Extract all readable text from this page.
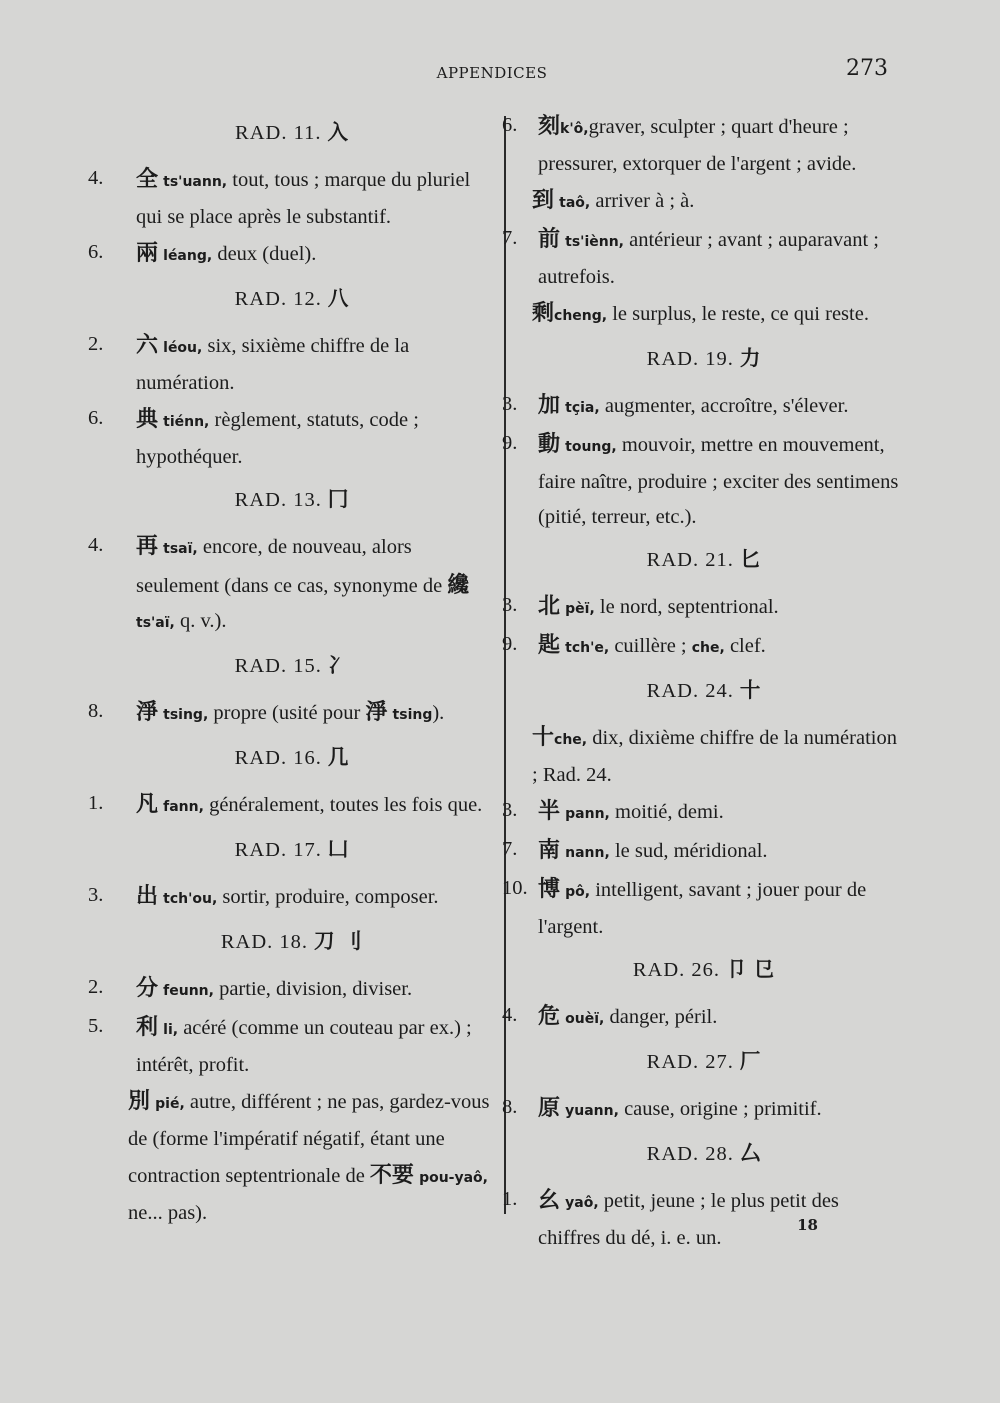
APPENDICES	273
RAD. 11. 入
4.	全 ts'uann, tout, tous ; marque du pluriel qui se place après le substantif.
6.	兩 léang, deux (duel).
RAD. 12. 八
2.	六 léou, six, sixième chiffre de la numération.
6.	典 tiénn, règlement, statuts, code ; hypothéquer.
RAD. 13. 冂
4.	再 tsaï, encore, de nouveau, alors seulement (dans ce cas, synonyme de 纔 ts'aï, q. v.).
RAD. 15. 冫
8.	淨 tsing, propre (usité pour 淨 tsing).
RAD. 16. 几
1.	凡 fann, généralement, toutes les fois que.
RAD. 17. 凵
3.	出 tch'ou, sortir, produire, composer.
RAD. 18. 刀 刂
2.	分 feunn, partie, division, diviser.
5.	利 li, acéré (comme un couteau par ex.) ; intérêt, profit.
別 pié, autre, différent ; ne pas, gardez-vous de (forme l'impératif négatif, étant une contraction septentrionale de 不要 pou-yaô, ne... pas).
6. 刻k'ô,graver, sculpter ; quart d'heure ; pressurer, extorquer de l'argent ; avide.
到 taô, arriver à ; à.
7. 前 ts'iènn, antérieur ; avant ; auparavant ; autrefois.
剩cheng, le surplus, le reste, ce qui reste.
RAD. 19. 力
3. 加 tçia, augmenter, accroître, s'élever.
9. 動 toung, mouvoir, mettre en mouvement, faire naître, produire ; exciter des sentimens (pitié, terreur, etc.).
RAD. 21. 匕
3. 北 pèï, le nord, septentrional.
9. 匙 tch'e, cuillère ; che, clef.
RAD. 24. 十
十che, dix, dixième chiffre de la numération ; Rad. 24.
3. 半 pann, moitié, demi.
7. 南 nann, le sud, méridional.
10. 博 pô, intelligent, savant ; jouer pour de l'argent.
RAD. 26. 卩 㔾
4. 危 ouèï, danger, péril.
RAD. 27. 厂
8. 原 yuann, cause, origine ; primitif.
RAD. 28. 厶
1. 幺 yaô, petit, jeune ; le plus petit des chiffres du dé, i. e. un.
18
